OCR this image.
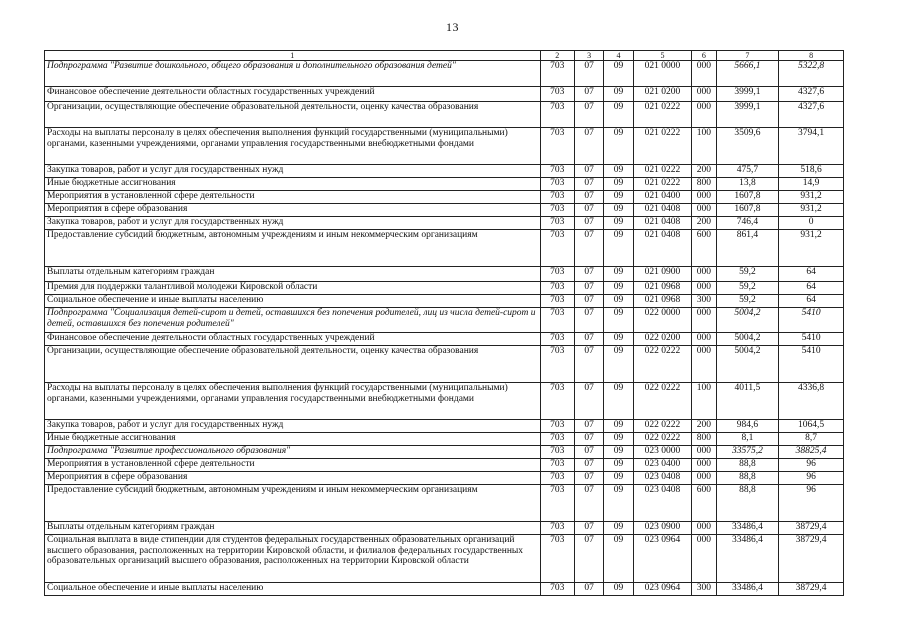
13
1	2	3	4	5	6	7	8
Подпрограмма "Развитие дошкольного, общего образования и дополнительного образования детей"	703	07	09	021 0000	000	5666,1	5322,8
Финансовое обеспечение деятельности областных государственных учреждений	703	07	09	021 0200	000	3999,1	4327,6
Организации, осуществляющие обеспечение образовательной деятельности, оценку качества образования	703	07	09	021 0222	000	3999,1	4327,6
Расходы на выплаты персоналу в целях обеспечения выполнения функций государственными (муниципальными) органами, казенными учреждениями, органами управления государственными внебюджетными фондами	703	07	09	021 0222	100	3509,6	3794,1
Закупка товаров, работ и услуг для государственных нужд	703	07	09	021 0222	200	475,7	518,6
Иные бюджетные ассигнования	703	07	09	021 0222	800	13,8	14,9
Мероприятия в установленной сфере деятельности	703	07	09	021 0400	000	1607,8	931,2
Мероприятия в сфере образования	703	07	09	021 0408	000	1607,8	931,2
Закупка товаров, работ и услуг для государственных нужд	703	07	09	021 0408	200	746,4	0
Предоставление субсидий бюджетным, автономным учреждениям и иным некоммерческим организациям	703	07	09	021 0408	600	861,4	931,2
Выплаты отдельным категориям граждан	703	07	09	021 0900	000	59,2	64
Премия для поддержки талантливой молодежи Кировской области	703	07	09	021 0968	000	59,2	64
Социальное обеспечение и иные выплаты населению	703	07	09	021 0968	300	59,2	64
Подпрограмма "Социализация детей-сирот и детей, оставшихся без попечения родителей, лиц из числа детей-сирот и детей, оставшихся без попечения родителей"	703	07	09	022 0000	000	5004,2	5410
Финансовое обеспечение деятельности областных государственных учреждений	703	07	09	022 0200	000	5004,2	5410
Организации, осуществляющие обеспечение образовательной деятельности, оценку качества образования	703	07	09	022 0222	000	5004,2	5410
Расходы на выплаты персоналу в целях обеспечения выполнения функций государственными (муниципальными) органами, казенными учреждениями, органами управления государственными внебюджетными фондами	703	07	09	022 0222	100	4011,5	4336,8
Закупка товаров, работ и услуг для государственных нужд	703	07	09	022 0222	200	984,6	1064,5
Иные бюджетные ассигнования	703	07	09	022 0222	800	8,1	8,7
Подпрограмма "Развитие профессионального образования"	703	07	09	023 0000	000	33575,2	38825,4
Мероприятия в установленной сфере деятельности	703	07	09	023 0400	000	88,8	96
Мероприятия в сфере образования	703	07	09	023 0408	000	88,8	96
Предоставление субсидий бюджетным, автономным учреждениям и иным некоммерческим организациям	703	07	09	023 0408	600	88,8	96
Выплаты отдельным категориям граждан	703	07	09	023 0900	000	33486,4	38729,4
Социальная выплата в виде стипендии для студентов федеральных государственных образовательных организаций высшего образования, расположенных на территории Кировской области, и филиалов федеральных государственных образовательных организаций высшего образования, расположенных на территории Кировской области	703	07	09	023 0964	000	33486,4	38729,4
Социальное обеспечение и иные выплаты населению	703	07	09	023 0964	300	33486,4	38729,4
